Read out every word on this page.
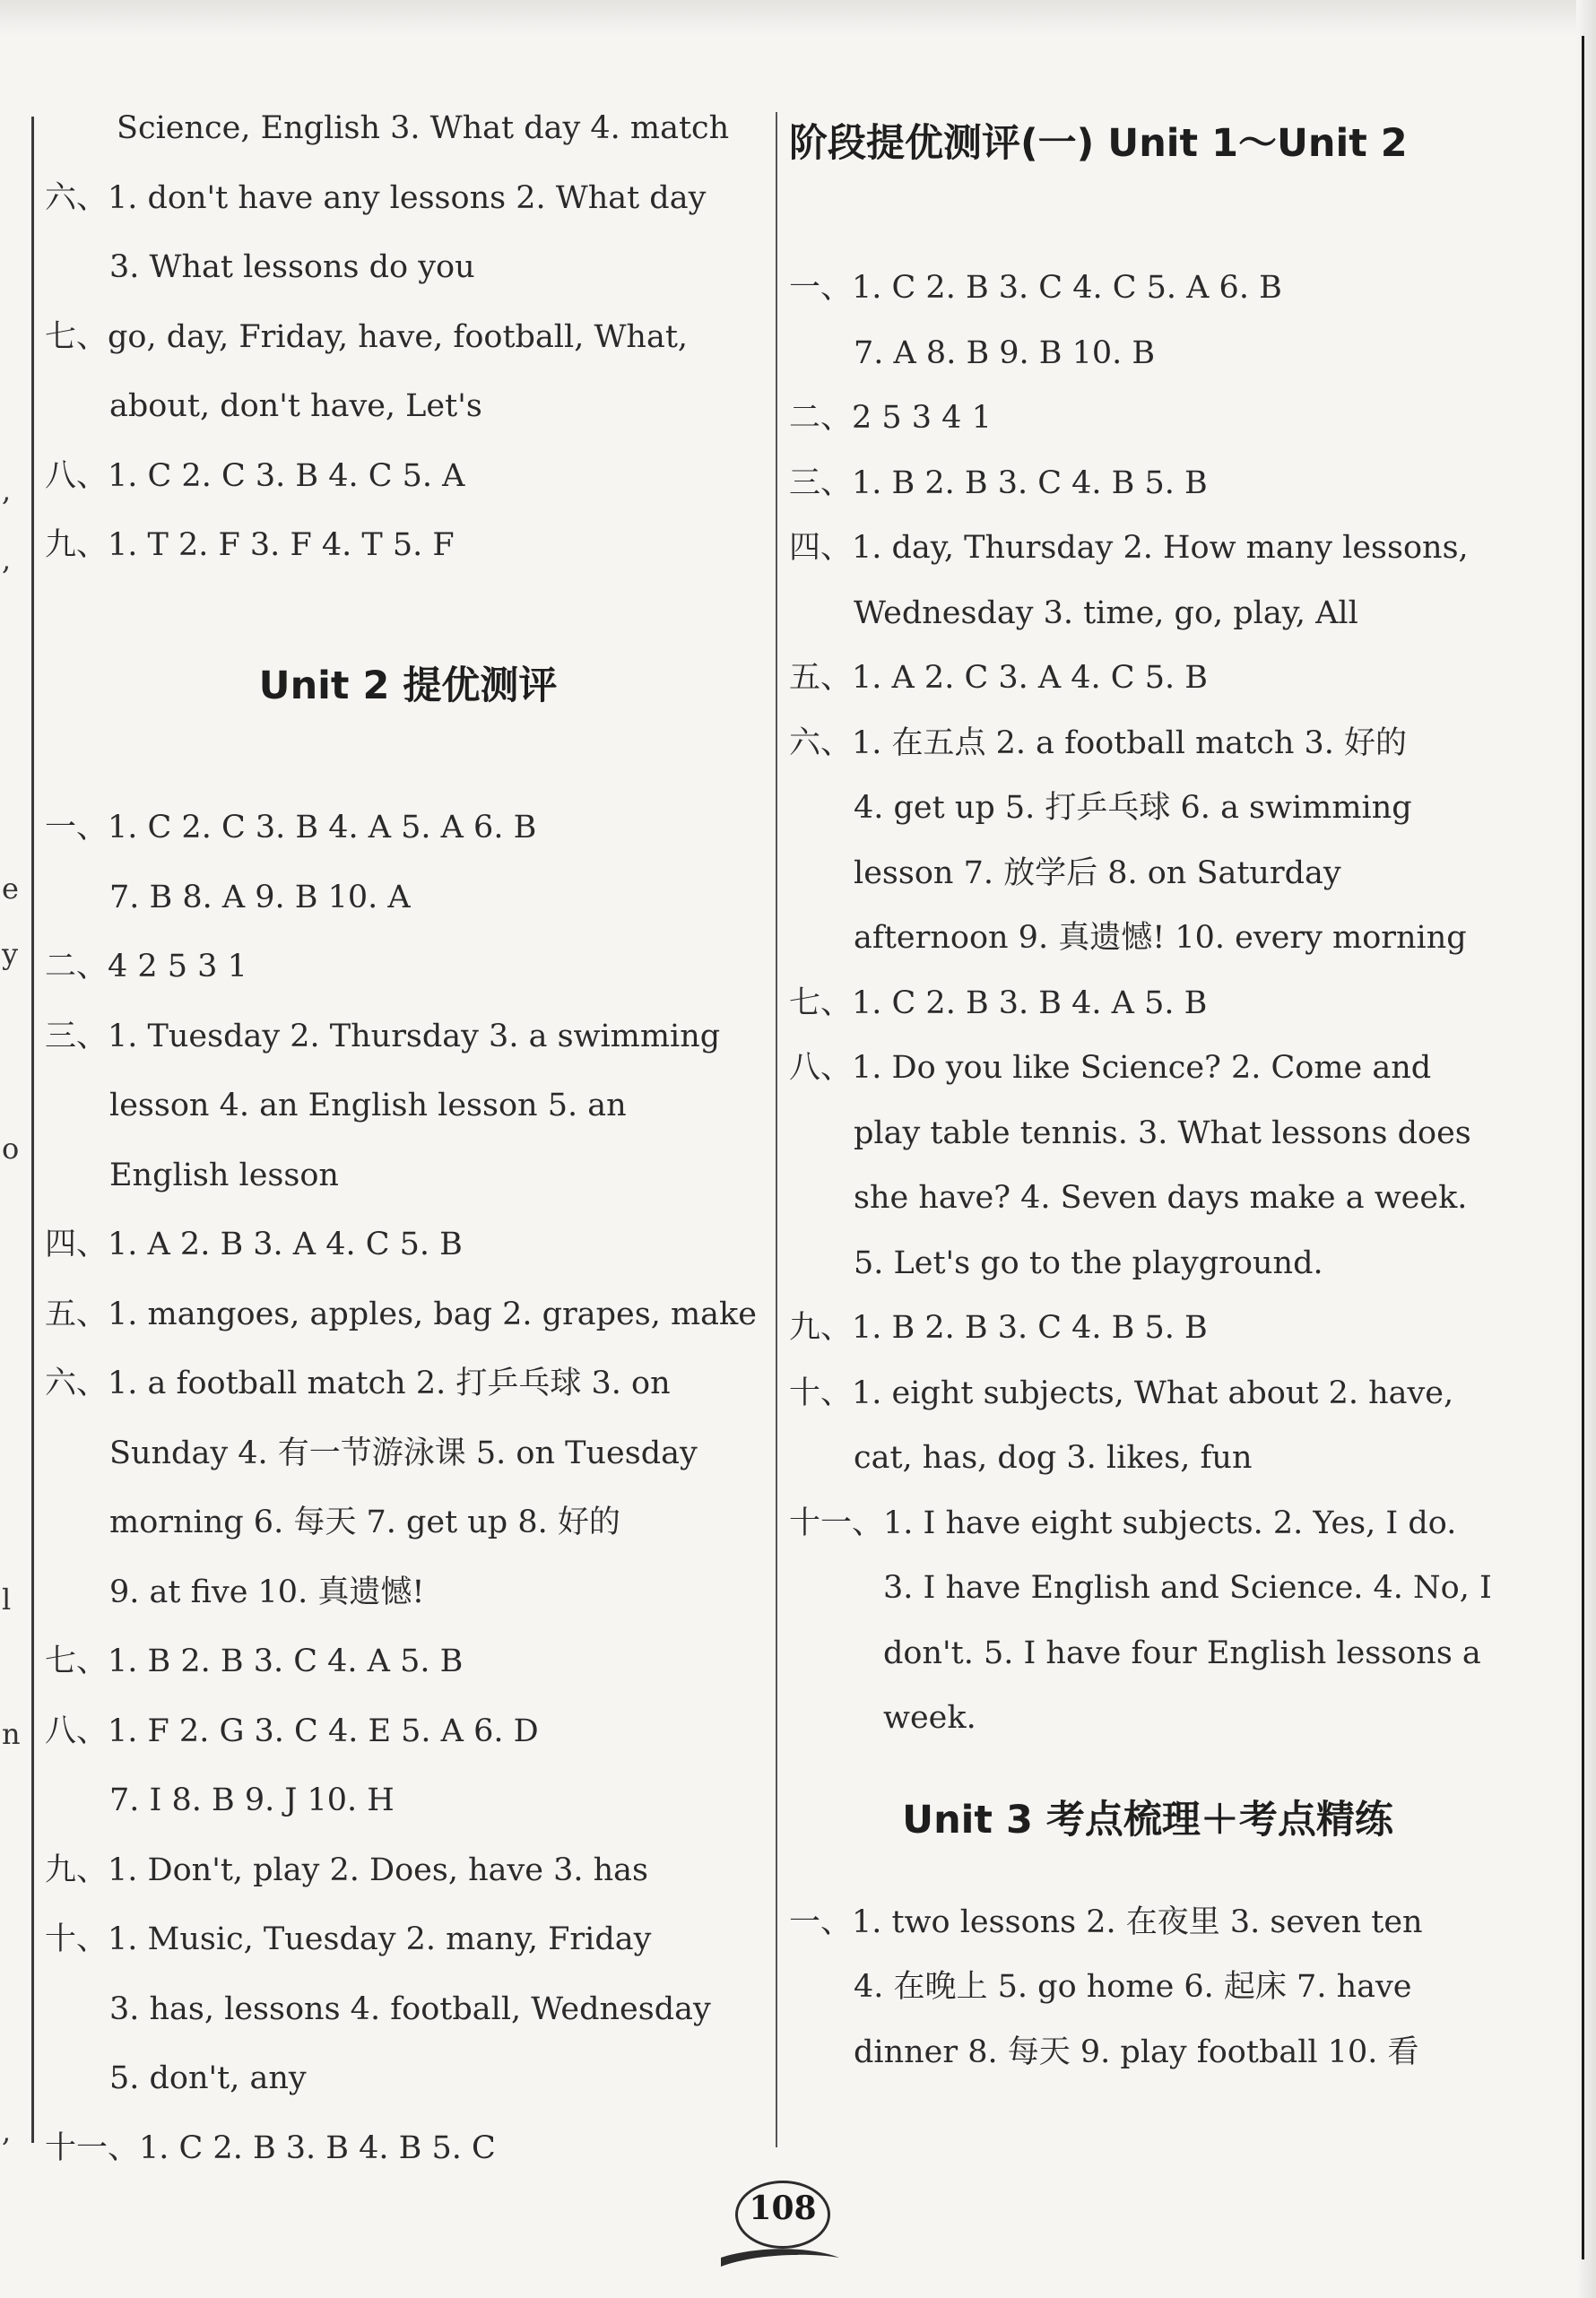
,
,
e
y
o
l
n
,
Science, English 3. What day 4. match
六、1. don't have any lessons 2. What day
3. What lessons do you
七、go, day, Friday, have, football, What,
about, don't have, Let's
八、1. C 2. C 3. B 4. C 5. A
九、1. T 2. F 3. F 4. T 5. F
Unit 2 提优测评
一、1. C 2. C 3. B 4. A 5. A 6. B
7. B 8. A 9. B 10. A
二、4 2 5 3 1
三、1. Tuesday 2. Thursday 3. a swimming
lesson 4. an English lesson 5. an
English lesson
四、1. A 2. B 3. A 4. C 5. B
五、1. mangoes, apples, bag 2. grapes, make
六、1. a football match 2. 打乒乓球 3. on
Sunday 4. 有一节游泳课 5. on Tuesday
morning 6. 每天 7. get up 8. 好的
9. at five 10. 真遗憾!
七、1. B 2. B 3. C 4. A 5. B
八、1. F 2. G 3. C 4. E 5. A 6. D
7. I 8. B 9. J 10. H
九、1. Don't, play 2. Does, have 3. has
十、1. Music, Tuesday 2. many, Friday
3. has, lessons 4. football, Wednesday
5. don't, any
十一、1. C 2. B 3. B 4. B 5. C
阶段提优测评(一) Unit 1～Unit 2
一、1. C 2. B 3. C 4. C 5. A 6. B
7. A 8. B 9. B 10. B
二、2 5 3 4 1
三、1. B 2. B 3. C 4. B 5. B
四、1. day, Thursday 2. How many lessons,
Wednesday 3. time, go, play, All
五、1. A 2. C 3. A 4. C 5. B
六、1. 在五点 2. a football match 3. 好的
4. get up 5. 打乒乓球 6. a swimming
lesson 7. 放学后 8. on Saturday
afternoon 9. 真遗憾! 10. every morning
七、1. C 2. B 3. B 4. A 5. B
八、1. Do you like Science? 2. Come and
play table tennis. 3. What lessons does
she have? 4. Seven days make a week.
5. Let's go to the playground.
九、1. B 2. B 3. C 4. B 5. B
十、1. eight subjects, What about 2. have,
cat, has, dog 3. likes, fun
十一、1. I have eight subjects. 2. Yes, I do.
3. I have English and Science. 4. No, I
don't. 5. I have four English lessons a
week.
Unit 3 考点梳理＋考点精练
一、1. two lessons 2. 在夜里 3. seven ten
4. 在晚上 5. go home 6. 起床 7. have
dinner 8. 每天 9. play football 10. 看
108
